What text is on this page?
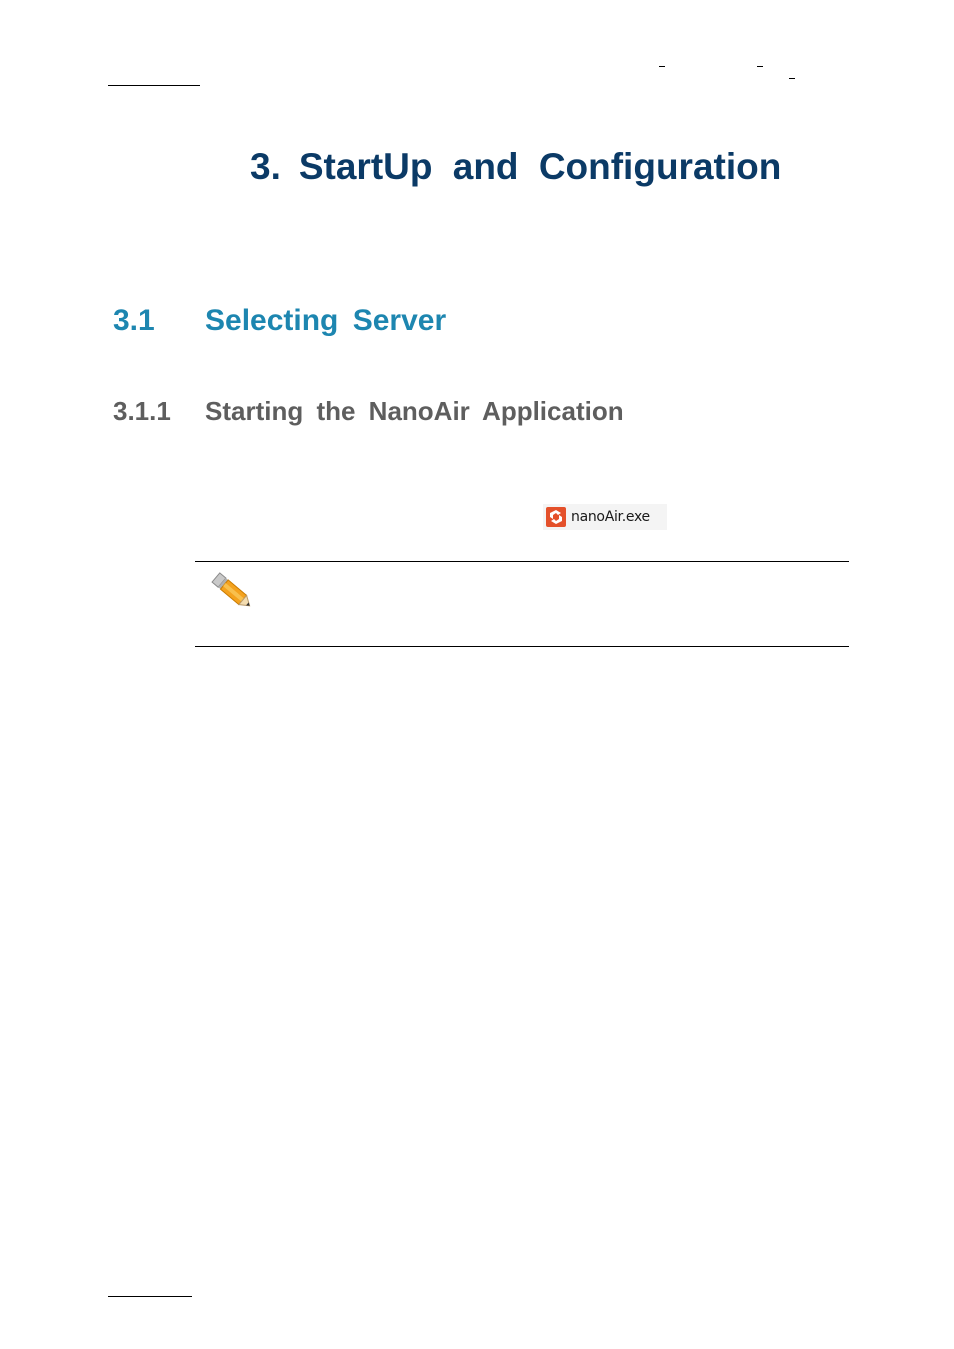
3. StartUp and Configuration
3.1 Selecting Server
3.1.1 Starting the NanoAir Application
nanoAir.exe
